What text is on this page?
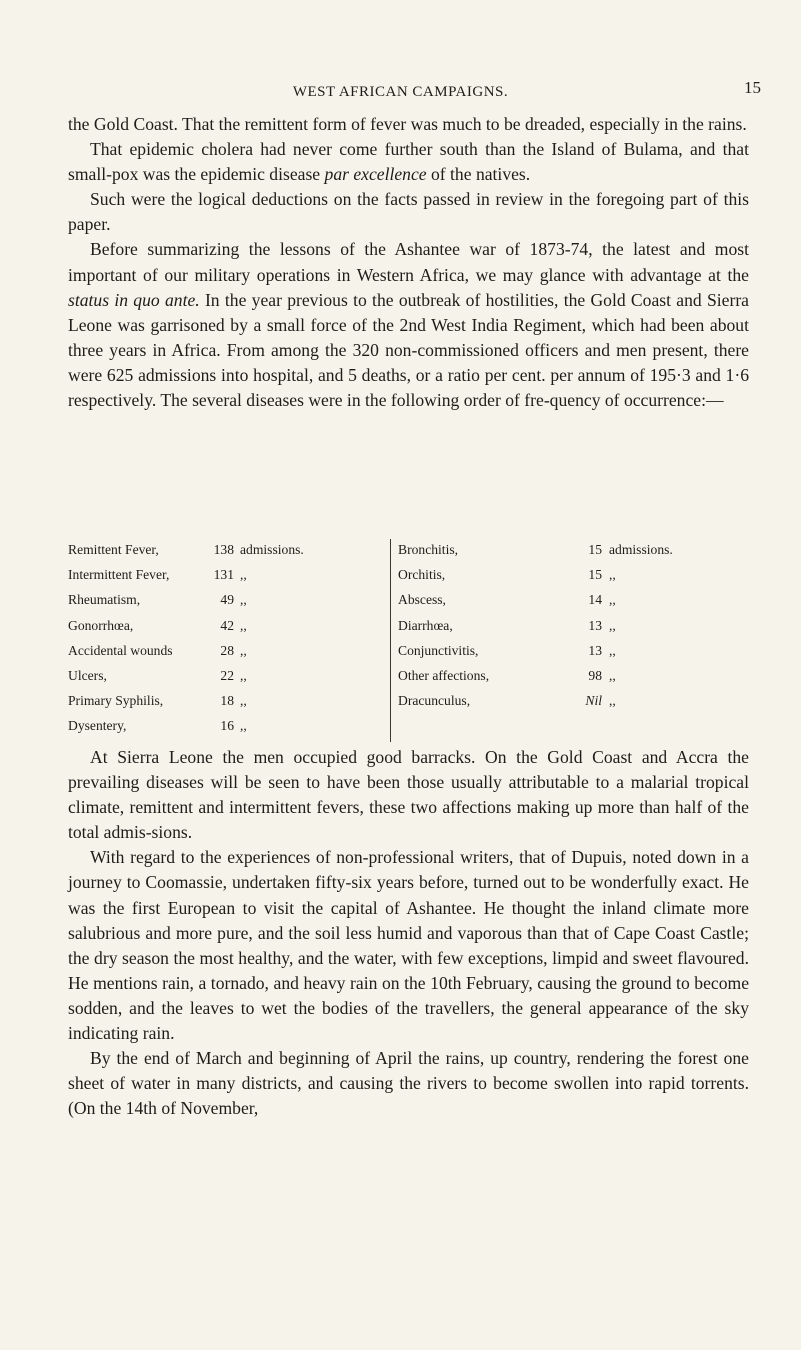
WEST AFRICAN CAMPAIGNS.	15

the Gold Coast. That the remittent form of fever was much to be dreaded, especially in the rains.

That epidemic cholera had never come further south than the Island of Bulama, and that small-pox was the epidemic disease par excellence of the natives.

Such were the logical deductions on the facts passed in review in the foregoing part of this paper.

Before summarizing the lessons of the Ashantee war of 1873-74, the latest and most important of our military operations in Western Africa, we may glance with advantage at the status in quo ante. In the year previous to the outbreak of hostilities, the Gold Coast and Sierra Leone was garrisoned by a small force of the 2nd West India Regiment, which had been about three years in Africa. From among the 320 non-commissioned officers and men present, there were 625 admissions into hospital, and 5 deaths, or a ratio per cent. per annum of 195·3 and 1·6 respectively. The several diseases were in the following order of fre-quency of occurrence:—

Remittent Fever,	138 admissions.
Intermittent Fever,	131 ,,
Rheumatism,	49 ,,
Gonorrhœa,	42 ,,
Accidental wounds	28 ,,
Ulcers,	22 ,,
Primary Syphilis,	18 ,,
Dysentery,	16 ,,
Bronchitis,	15 admissions.
Orchitis,	15 ,,
Abscess,	14 ,,
Diarrhœa,	13 ,,
Conjunctivitis,	13 ,,
Other affections,	98 ,,
Dracunculus,	Nil ,,

At Sierra Leone the men occupied good barracks. On the Gold Coast and Accra the prevailing diseases will be seen to have been those usually attributable to a malarial tropical climate, remittent and intermittent fevers, these two affections making up more than half of the total admis-sions.

With regard to the experiences of non-professional writers, that of Dupuis, noted down in a journey to Coomassie, undertaken fifty-six years before, turned out to be wonderfully exact. He was the first European to visit the capital of Ashantee. He thought the inland climate more salubrious and more pure, and the soil less humid and vaporous than that of Cape Coast Castle; the dry season the most healthy, and the water, with few exceptions, limpid and sweet flavoured. He mentions rain, a tornado, and heavy rain on the 10th February, causing the ground to become sodden, and the leaves to wet the bodies of the travellers, the general appearance of the sky indicating rain.

By the end of March and beginning of April the rains, up country, rendering the forest one sheet of water in many districts, and causing the rivers to become swollen into rapid torrents. (On the 14th of November,
